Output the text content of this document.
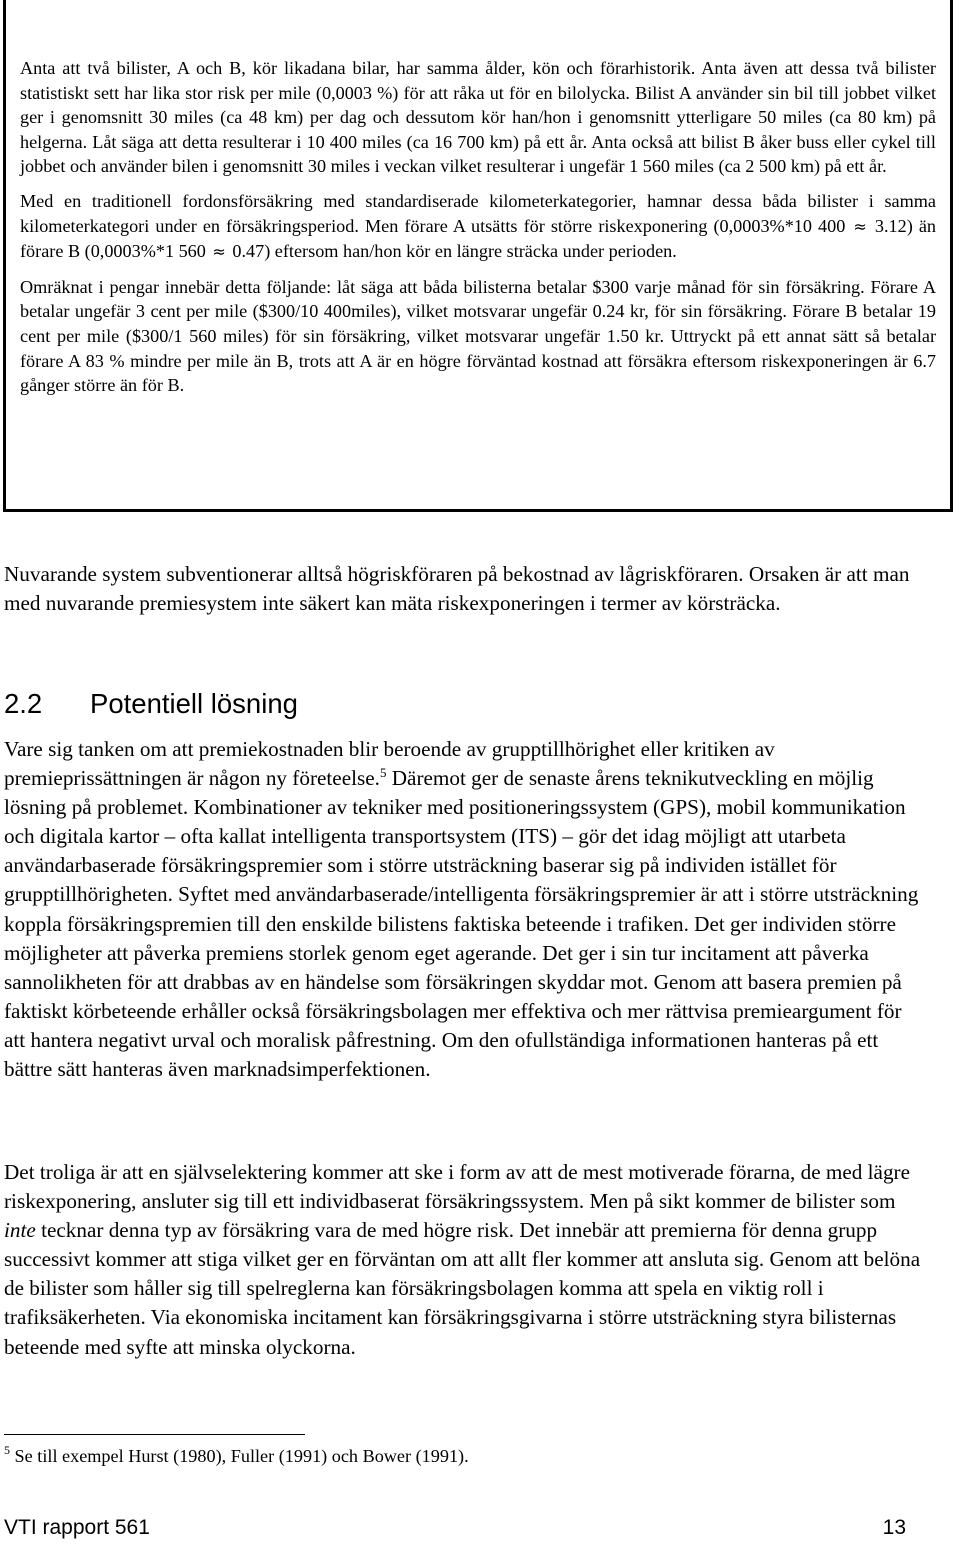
Anta att två bilister, A och B, kör likadana bilar, har samma ålder, kön och förarhistorik. Anta även att dessa två bilister statistiskt sett har lika stor risk per mile (0,0003 %) för att råka ut för en bilolycka. Bilist A använder sin bil till jobbet vilket ger i genomsnitt 30 miles (ca 48 km) per dag och dessutom kör han/hon i genomsnitt ytterligare 50 miles (ca 80 km) på helgerna. Låt säga att detta resulterar i 10 400 miles (ca 16 700 km) på ett år. Anta också att bilist B åker buss eller cykel till jobbet och använder bilen i genomsnitt 30 miles i veckan vilket resulterar i ungefär 1 560 miles (ca 2 500 km) på ett år.

Med en traditionell fordonsförsäkring med standardiserade kilometerkategorier, hamnar dessa båda bilister i samma kilometerkategori under en försäkringsperiod. Men förare A utsätts för större riskexponering (0,0003%*10 400 ≈ 3.12) än förare B (0,0003%*1 560 ≈ 0.47) eftersom han/hon kör en längre sträcka under perioden.

Omräknat i pengar innebär detta följande: låt säga att båda bilisterna betalar $300 varje månad för sin försäkring. Förare A betalar ungefär 3 cent per mile ($300/10 400miles), vilket motsvarar ungefär 0.24 kr, för sin försäkring. Förare B betalar 19 cent per mile ($300/1 560 miles) för sin försäkring, vilket motsvarar ungefär 1.50 kr. Uttryckt på ett annat sätt så betalar förare A 83 % mindre per mile än B, trots att A är en högre förväntad kostnad att försäkra eftersom riskexponeringen är 6.7 gånger större än för B.

Nuvarande system subventionerar alltså högriskföraren på bekostnad av lågriskföraren. Orsaken är att man med nuvarande premiesystem inte säkert kan mäta riskexponeringen i termer av körsträcka.

2.2 Potentiell lösning

Vare sig tanken om att premiekostnaden blir beroende av grupptillhörighet eller kritiken av premieprissättningen är någon ny företeelse.$^5$ Däremot ger de senaste årens teknikutveckling en möjlig lösning på problemet. Kombinationer av tekniker med positioneringssystem (GPS), mobil kommunikation och digitala kartor – ofta kallat intelligenta transportsystem (ITS) – gör det idag möjligt att utarbeta användarbaserade försäkringspremier som i större utsträckning baserar sig på individen istället för grupptillhörigheten. Syftet med användarbaserade/intelligenta försäkringspremier är att i större utsträckning koppla försäkringspremien till den enskilde bilistens faktiska beteende i trafiken. Det ger individen större möjligheter att påverka premiens storlek genom eget agerande. Det ger i sin tur incitament att påverka sannolikheten för att drabbas av en händelse som försäkringen skyddar mot. Genom att basera premien på faktiskt körbeteende erhåller också försäkringsbolagen mer effektiva och mer rättvisa premieargument för att hantera negativt urval och moralisk påfrestning. Om den ofullständiga informationen hanteras på ett bättre sätt hanteras även marknadsimperfektionen.

Det troliga är att en självselektering kommer att ske i form av att de mest motiverade förarna, de med lägre riskexponering, ansluter sig till ett individbaserat försäkringssystem. Men på sikt kommer de bilister som inte tecknar denna typ av försäkring vara de med högre risk. Det innebär att premierna för denna grupp successivt kommer att stiga vilket ger en förväntan om att allt fler kommer att ansluta sig. Genom att belöna de bilister som håller sig till spelreglerna kan försäkringsbolagen komma att spela en viktig roll i trafiksäkerheten. Via ekonomiska incitament kan försäkringsgivarna i större utsträckning styra bilisternas beteende med syfte att minska olyckorna.

$^5$ Se till exempel Hurst (1980), Fuller (1991) och Bower (1991).

VTI rapport 561	13
